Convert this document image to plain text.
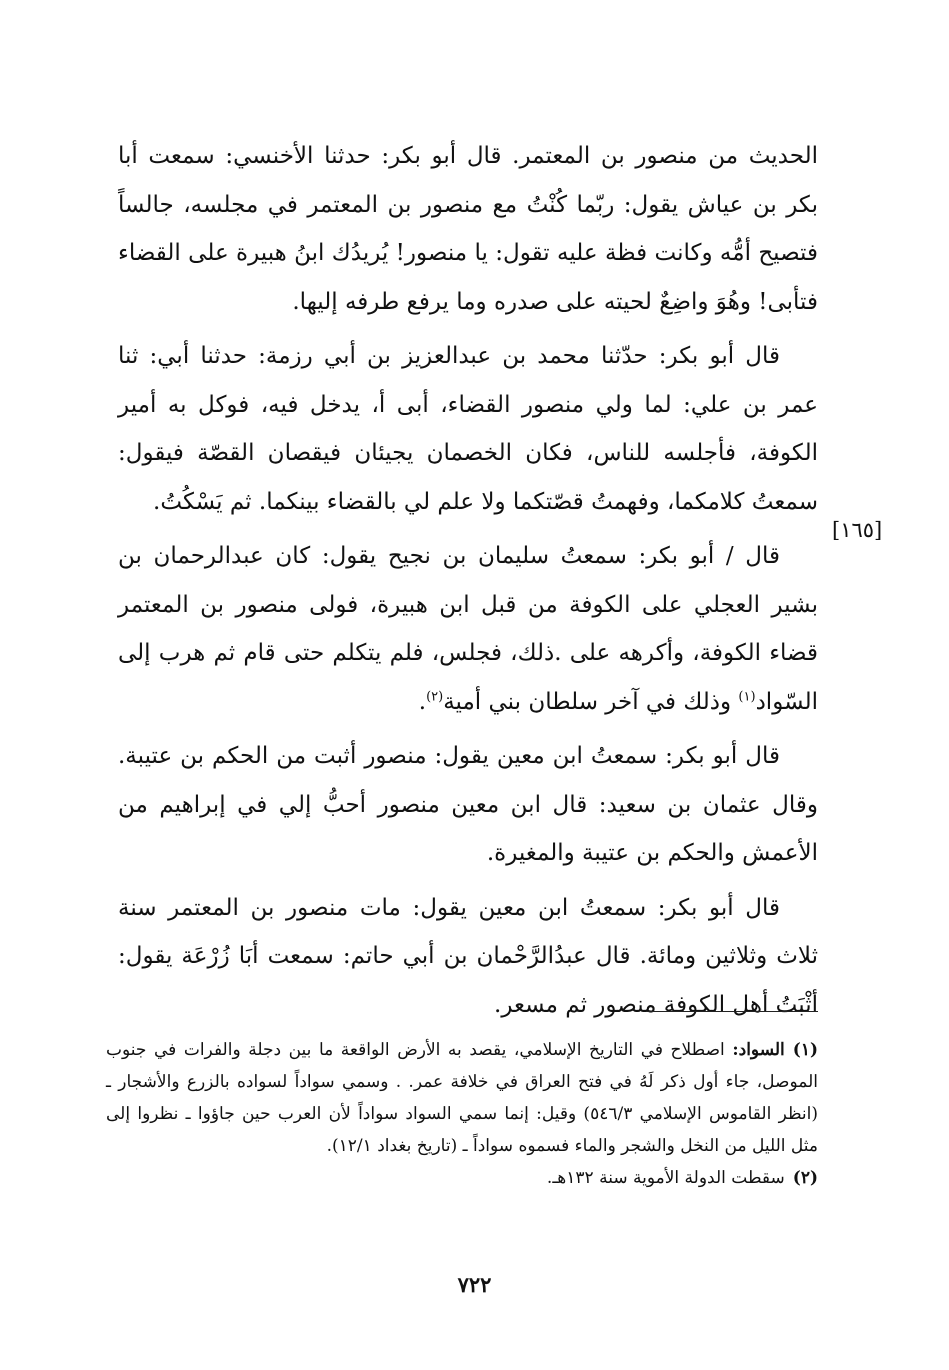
الحديث من منصور بن المعتمر. قال أبو بكر: حدثنا الأخنسي: سمعت أبا بكر بن عياش يقول: ربّما كُنْتُ مع منصور بن المعتمر في مجلسه، جالساً فتصيح أمُّه وكانت فظة عليه تقول: يا منصور! يُريدُك ابنُ هبيرة على القضاء فتأبى! وهُوَ واضِعٌ لحيته على صدره وما يرفع طرفه إليها.

قال أبو بكر: حدّثنا محمد بن عبدالعزيز بن أبي رزمة: حدثنا أبي: ثنا عمر بن علي: لما ولي منصور القضاء، أبى أ، يدخل فيه، فوكل به أمير الكوفة، فأجلسه للناس، فكان الخصمان يجيئان فيقصان القصّة فيقول: سمعتُ كلامكما، وفهمتُ قصّتكما ولا علم لي بالقضاء بينكما. ثم يَسْكُتُ.

قال / أبو بكر: سمعتُ سليمان بن نجيح يقول: كان عبدالرحمان بن بشير العجلي على الكوفة من قبل ابن هبيرة، فولى منصور بن المعتمر قضاء الكوفة، وأكرهه على .ذلك، فجلس، فلم يتكلم حتى قام ثم هرب إلى السّواد$^{(١)}$ وذلك في آخر سلطان بني أمية$^{(٢)}$.

قال أبو بكر: سمعتُ ابن معين يقول: منصور أثبت من الحكم بن عتيبة. وقال عثمان بن سعيد: قال ابن معين منصور أحبُّ إلي في إبراهيم من الأعمش والحكم بن عتيبة والمغيرة.

قال أبو بكر: سمعتُ ابن معين يقول: مات منصور بن المعتمر سنة ثلاث وثلاثين ومائة. قال عبدُالرَّحْمان بن أبي حاتم: سمعت أبَا زُرْعَة يقول: أثْبَتُ أهل الكوفة منصور ثم مسعر.

[١٦٥]

(١)السواد: اصطلاح في التاريخ الإسلامي، يقصد به الأرض الواقعة ما بين دجلة والفرات في جنوب الموصل، جاء أول ذكر لَهُ في فتح العراق في خلافة عمر. . وسمي سواداً لسواده بالزرع والأشجار ـ (انظر القاموس الإسلامي ٥٤٦/٣) وقيل: إنما سمي السواد سواداً لأن العرب حين جاؤوا ـ نظروا إلى مثل الليل من النخل والشجر والماء فسموه سواداً ـ (تاريخ بغداد ١٢/١).

(٢)سقطت الدولة الأموية سنة ١٣٢هـ.

٧٢٢
